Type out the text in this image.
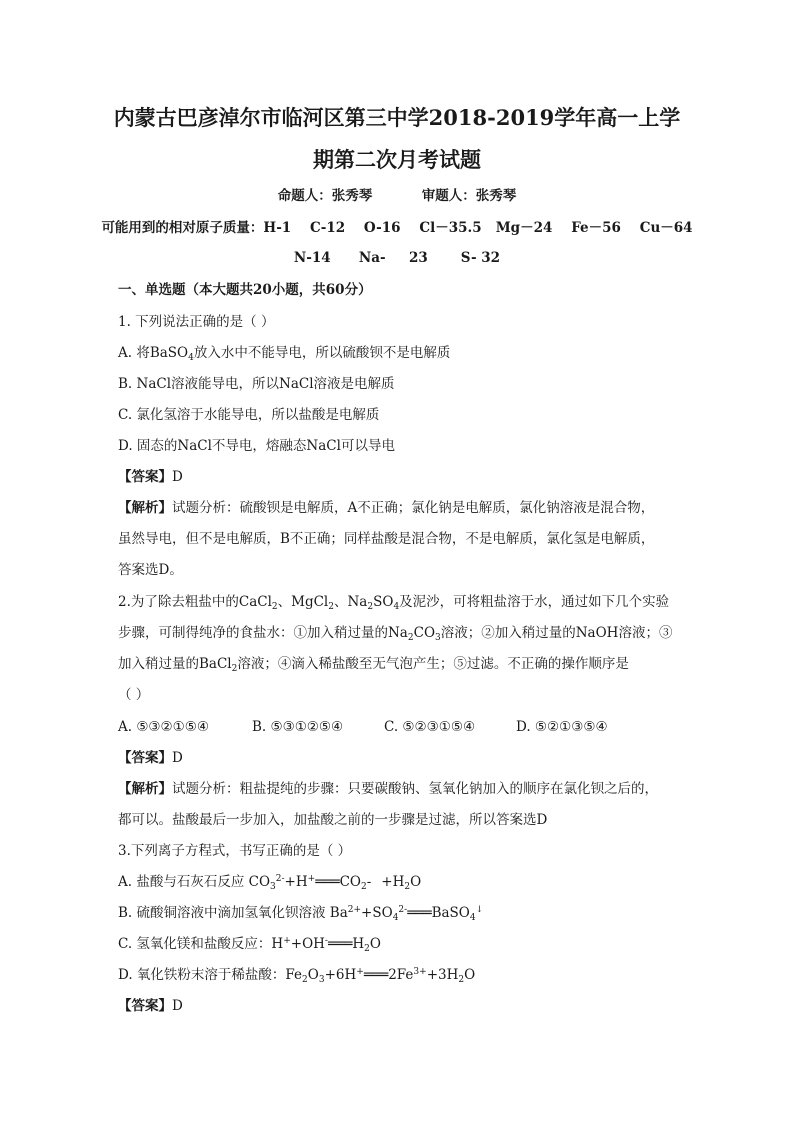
内蒙古巴彦淖尔市临河区第三中学2018-2019学年高一上学
期第二次月考试题
命题人：张秀琴	审题人：张秀琴
可能用到的相对原子质量：H-1    C-12    O-16    Cl－35.5   Mg－24    Fe－56    Cu－64
N-14      Na-     23       S- 32
一、单选题（本大题共20小题，共60分）
1. 下列说法正确的是（ ）
A. 将BaSO$_4$放入水中不能导电，所以硫酸钡不是电解质
B. NaCl溶液能导电，所以NaCl溶液是电解质
C. 氯化氢溶于水能导电，所以盐酸是电解质
D. 固态的NaCl不导电，熔融态NaCl可以导电
【答案】D
【解析】试题分析：硫酸钡是电解质，A不正确；氯化钠是电解质，氯化钠溶液是混合物，
虽然导电，但不是电解质，B不正确；同样盐酸是混合物，不是电解质，氯化氢是电解质，
答案选D。
2.为了除去粗盐中的CaCl$_2$、MgCl$_2$、$Na_2SO_4$及泥沙，可将粗盐溶于水，通过如下几个实验
步骤，可制得纯净的食盐水：①加入稍过量的$Na_2CO_3$溶液；②加入稍过量的NaOH溶液；③
加入稍过量的BaCl$_2$溶液；④滴入稀盐酸至无气泡产生；⑤过滤。不正确的操作顺序是
（ ）
A. ⑤③②①⑤④	B. ⑤③①②⑤④	C. ⑤②③①⑤④	D. ⑤②①③⑤④
【答案】D
【解析】试题分析：粗盐提纯的步骤：只要碳酸钠、氢氧化钠加入的顺序在氯化钡之后的，
都可以。盐酸最后一步加入，加盐酸之前的一步骤是过滤，所以答案选D
3.下列离子方程式，书写正确的是（ ）
A. 盐酸与石灰石反应 $CO_3^{2-}+H^+═══CO_2- +H_2O$
B. 硫酸铜溶液中滴加氢氧化钡溶液 $Ba^{2+}+SO_4^{2-}═══BaSO_4^↓$
C. 氢氧化镁和盐酸反应：$H^++OH^-═══H_2O$
D. 氧化铁粉末溶于稀盐酸：$Fe_2O_3+6H^+═══2Fe^{3+}+3H_2O$
【答案】D
